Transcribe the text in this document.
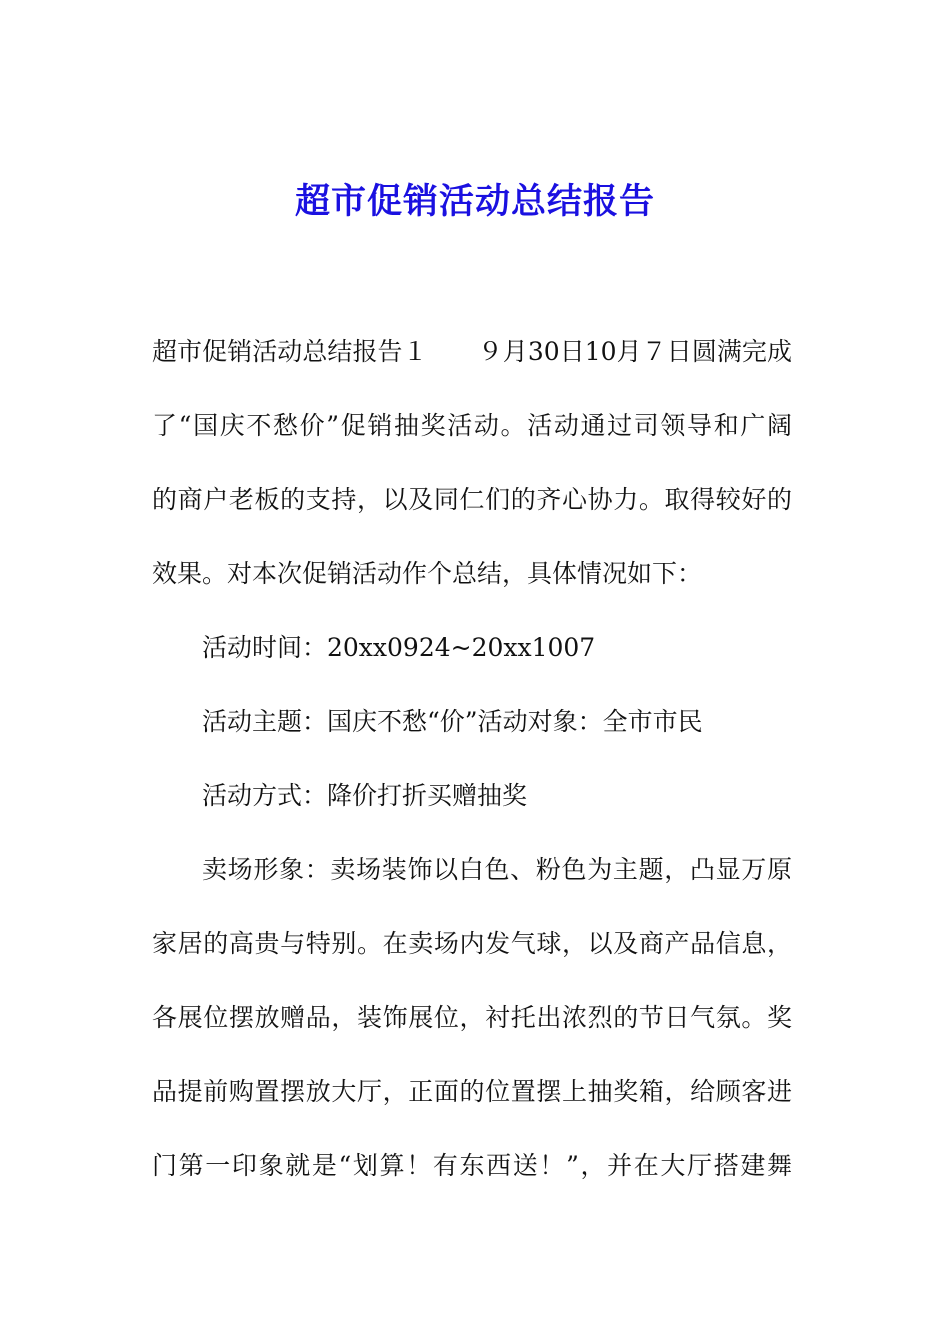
超市促销活动总结报告
超市促销活动总结报告１　　９月30日10月７日圆满完成
了“国庆不愁价”促销抽奖活动。活动通过司领导和广阔
的商户老板的支持，以及同仁们的齐心协力。取得较好的
效果。对本次促销活动作个总结，具体情况如下：
活动时间：20xx0924~20xx1007
活动主题：国庆不愁“价”活动对象：全市市民
活动方式：降价打折买赠抽奖
卖场形象：卖场装饰以白色、粉色为主题，凸显万原
家居的高贵与特别。在卖场内发气球，以及商产品信息，
各展位摆放赠品，装饰展位，衬托出浓烈的节日气氛。奖
品提前购置摆放大厅，正面的位置摆上抽奖箱，给顾客进
门第一印象就是“划算！有东西送！”，并在大厅搭建舞
